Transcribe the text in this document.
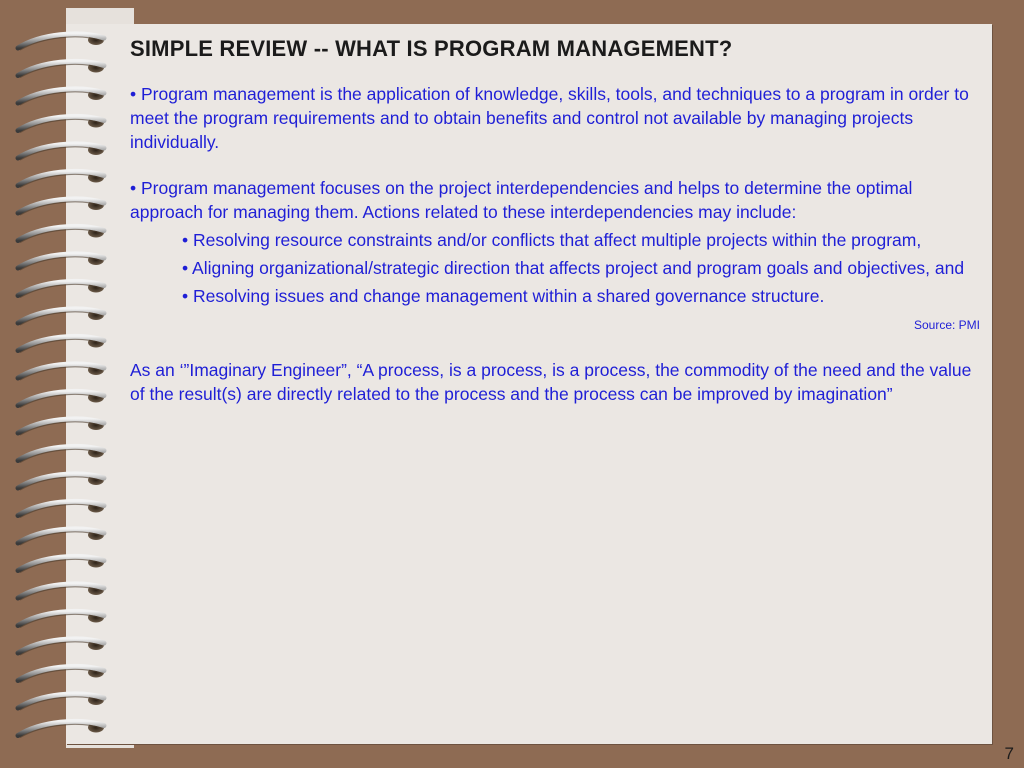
SIMPLE REVIEW -- WHAT IS PROGRAM MANAGEMENT?

• Program management is the application of knowledge, skills, tools, and techniques to a program in order to meet the program requirements and to obtain benefits and control not available by managing projects individually.

• Program management focuses on the project interdependencies and helps to determine the optimal approach for managing them. Actions related to these interdependencies may include:

• Resolving resource constraints and/or conflicts that affect multiple projects within the program,

• Aligning organizational/strategic direction that affects project and program goals and objectives, and

• Resolving issues and change management within a shared governance structure.

Source: PMI

As an ‘”Imaginary Engineer”, “A process, is a process, is a process, the commodity of the need and the value of the result(s) are directly related to the process and the process can be improved by imagination”

7
